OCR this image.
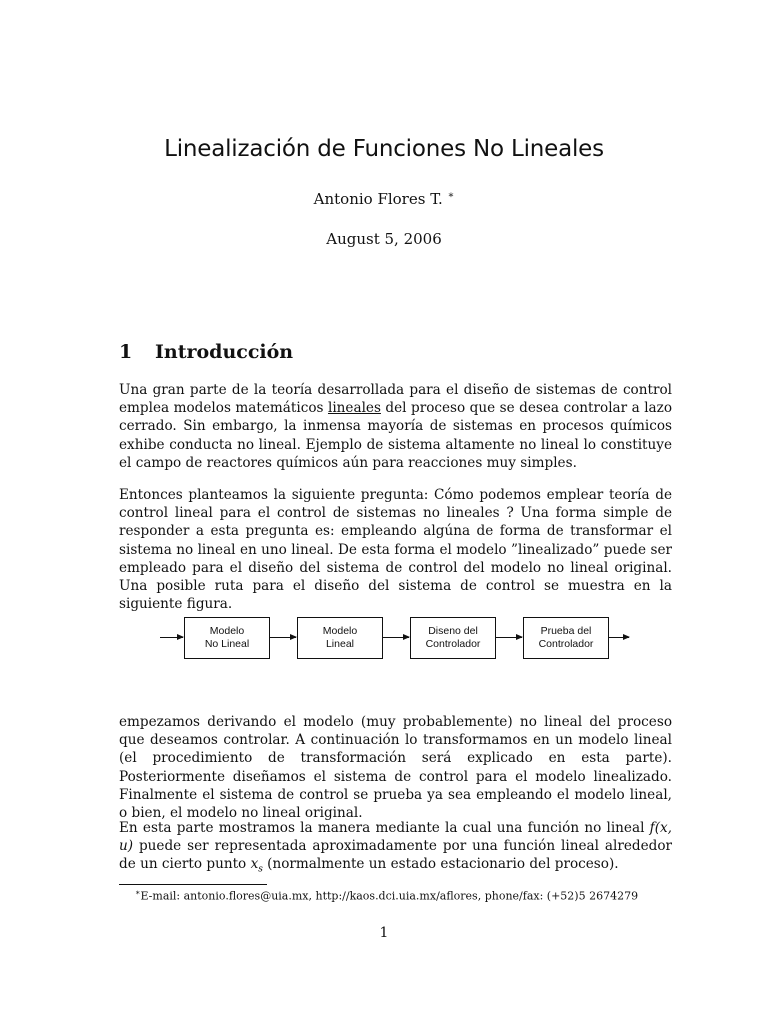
Linealización de Funciones No Lineales
Antonio Flores T. ∗
August 5, 2006
1 Introducción
Una gran parte de la teoría desarrollada para el diseño de sistemas de control emplea modelos matemáticos lineales del proceso que se desea controlar a lazo cerrado. Sin embargo, la inmensa mayoría de sistemas en procesos químicos exhibe conducta no lineal. Ejemplo de sistema altamente no lineal lo constituye el campo de reactores químicos aún para reacciones muy simples.
Entonces planteamos la siguiente pregunta: Cómo podemos emplear teoría de control lineal para el control de sistemas no lineales ? Una forma simple de responder a esta pregunta es: empleando algúna de forma de transformar el sistema no lineal en uno lineal. De esta forma el modelo ”linealizado” puede ser empleado para el diseño del sistema de control del modelo no lineal original. Una posible ruta para el diseño del sistema de control se muestra en la siguiente figura.
Modelo
No Lineal
Modelo
Lineal
Diseno del
Controlador
Prueba del
Controlador
empezamos derivando el modelo (muy probablemente) no lineal del proceso que deseamos controlar. A continuación lo transformamos en un modelo lineal (el procedimiento de transformación será explicado en esta parte). Posteriormente diseñamos el sistema de control para el modelo linealizado. Finalmente el sistema de control se prueba ya sea empleando el modelo lineal, o bien, el modelo no lineal original.
En esta parte mostramos la manera mediante la cual una función no lineal f(x, u) puede ser representada aproximadamente por una función lineal alrededor de un cierto punto $x_s$ (normalmente un estado estacionario del proceso).
∗E-mail: antonio.flores@uia.mx, http://kaos.dci.uia.mx/aflores, phone/fax: (+52)5 2674279
1
